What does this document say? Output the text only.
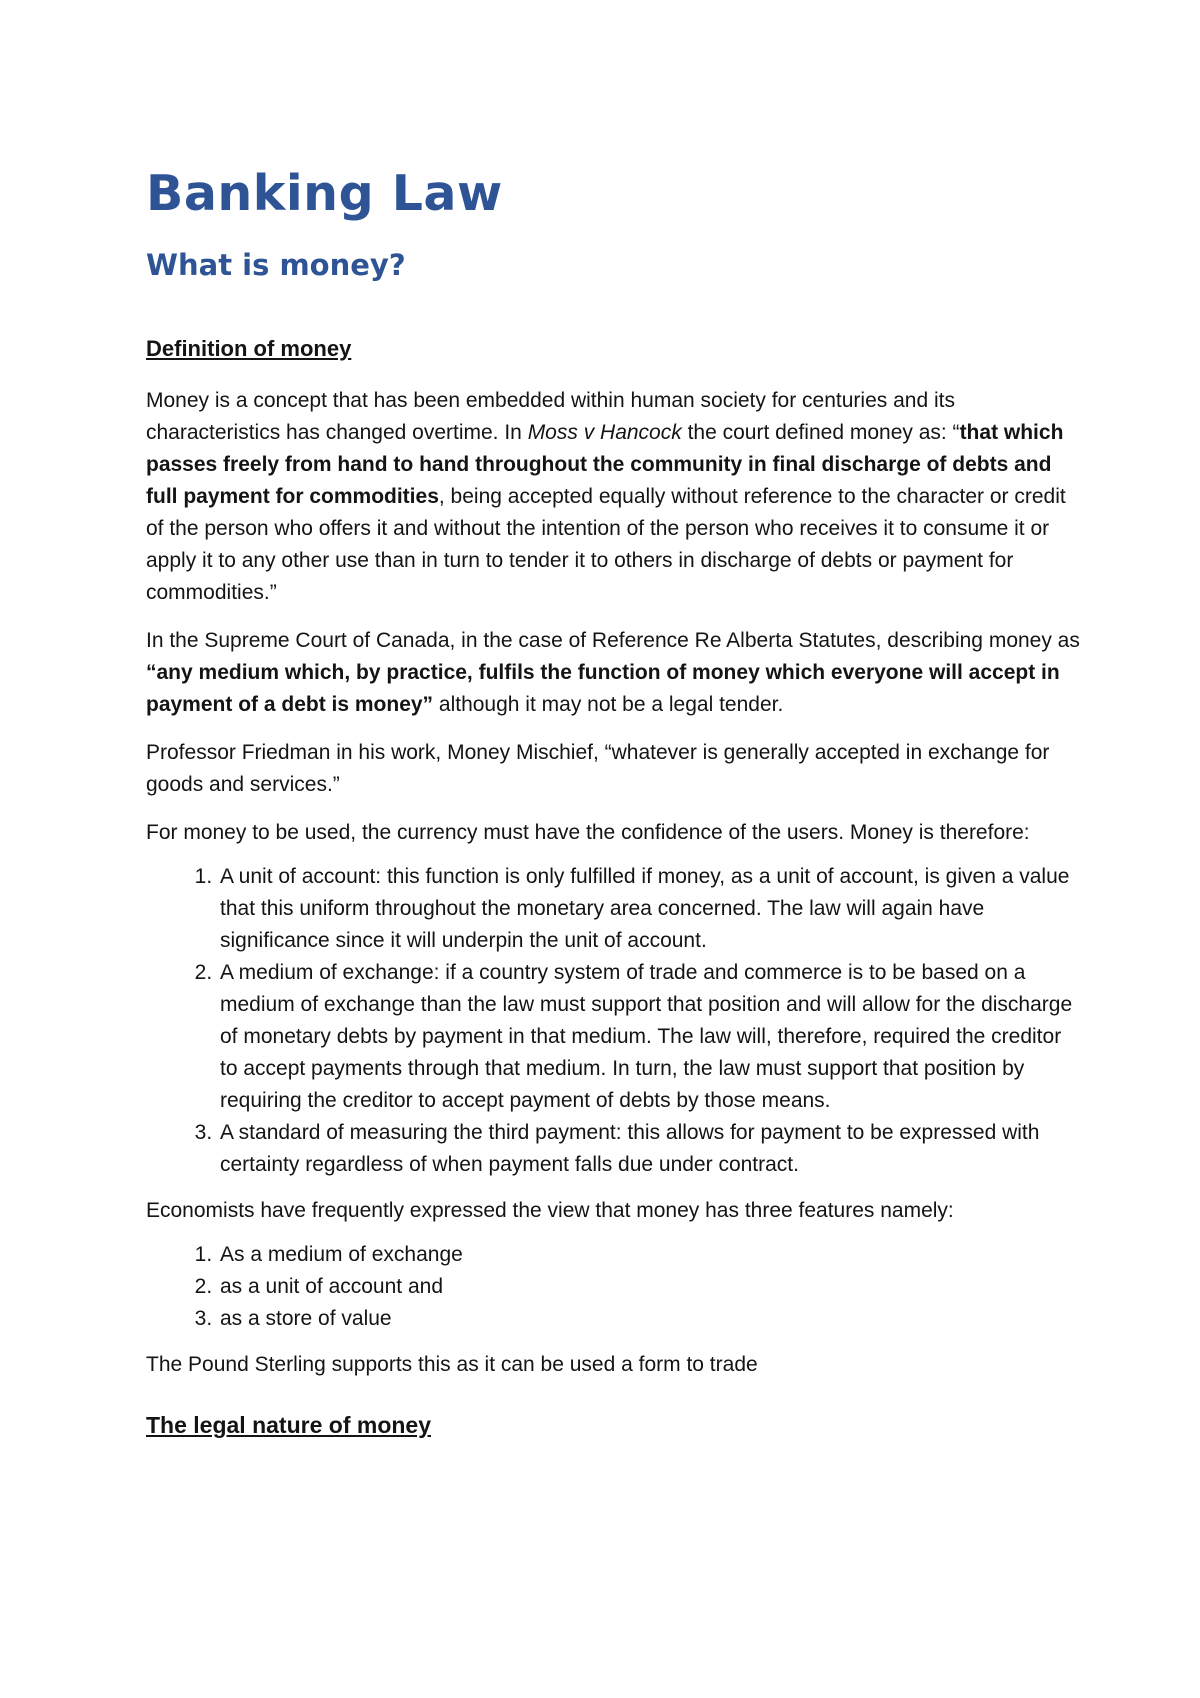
Banking Law
What is money?
Definition of money

Money is a concept that has been embedded within human society for centuries and its characteristics has changed overtime. In Moss v Hancock the court defined money as: “that which passes freely from hand to hand throughout the community in final discharge of debts and full payment for commodities, being accepted equally without reference to the character or credit of the person who offers it and without the intention of the person who receives it to consume it or apply it to any other use than in turn to tender it to others in discharge of debts or payment for commodities.”

In the Supreme Court of Canada, in the case of Reference Re Alberta Statutes, describing money as “any medium which, by practice, fulfils the function of money which everyone will accept in payment of a debt is money” although it may not be a legal tender.

Professor Friedman in his work, Money Mischief, “whatever is generally accepted in exchange for goods and services.”

For money to be used, the currency must have the confidence of the users. Money is therefore:

1. A unit of account: this function is only fulfilled if money, as a unit of account, is given a value that this uniform throughout the monetary area concerned. The law will again have significance since it will underpin the unit of account.
2. A medium of exchange: if a country system of trade and commerce is to be based on a medium of exchange than the law must support that position and will allow for the discharge of monetary debts by payment in that medium. The law will, therefore, required the creditor to accept payments through that medium. In turn, the law must support that position by requiring the creditor to accept payment of debts by those means.
3. A standard of measuring the third payment: this allows for payment to be expressed with certainty regardless of when payment falls due under contract.

Economists have frequently expressed the view that money has three features namely:

1. As a medium of exchange
2. as a unit of account and
3. as a store of value

The Pound Sterling supports this as it can be used a form to trade

The legal nature of money
